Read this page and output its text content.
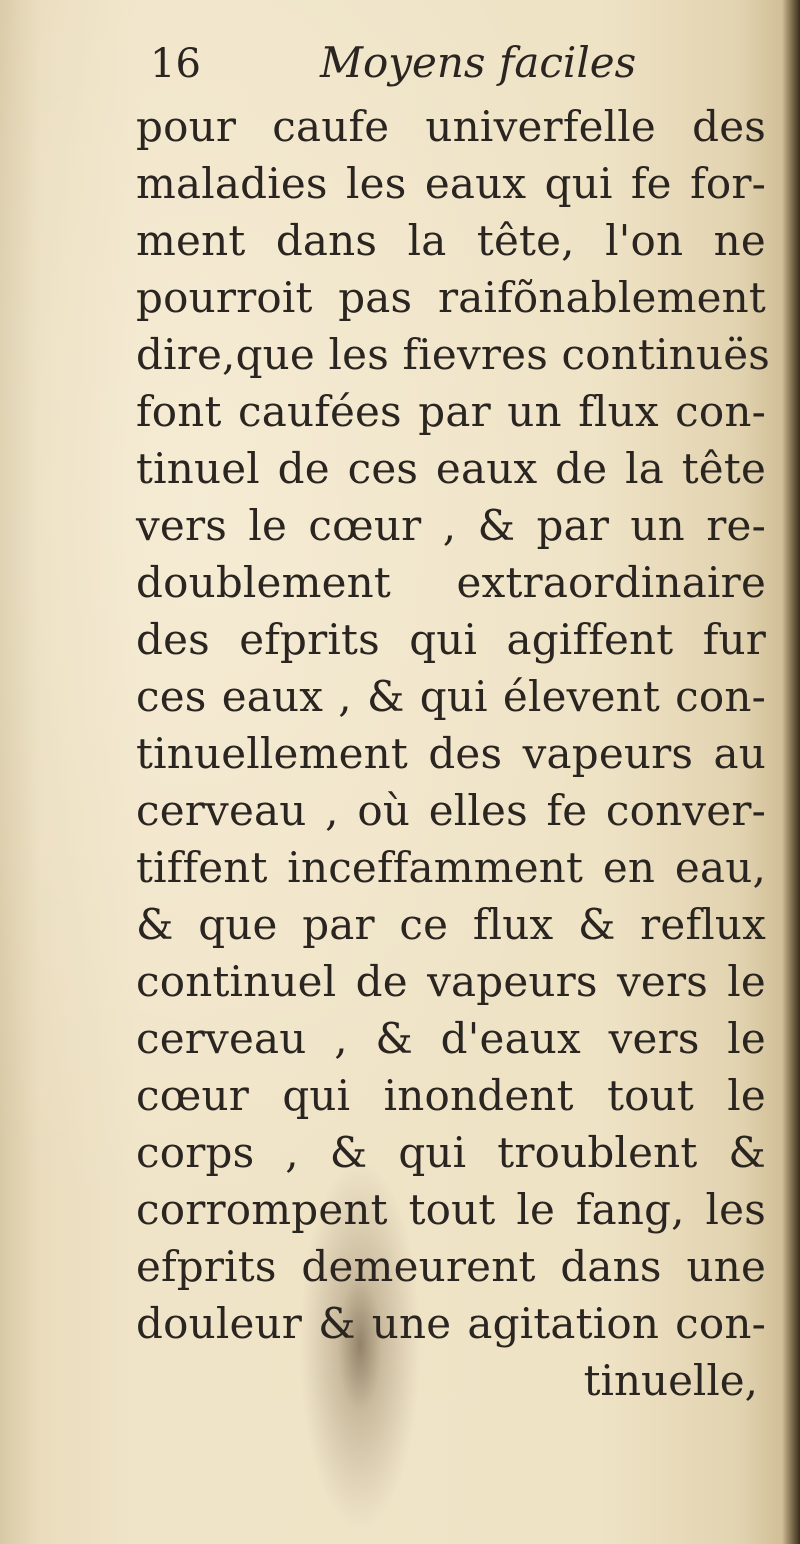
16	Moyens faciles
pour caufe univerfelle des
maladies les eaux qui fe for-
ment dans la tête, l'on ne
pourroit pas raifõnablement
dire,que les fievres continuës
font caufées par un flux con-
tinuel de ces eaux de la tête
vers le cœur , & par un re-
doublement extraordinaire
des efprits qui agiffent fur
ces eaux , & qui élevent con-
tinuellement des vapeurs au
cerveau , où elles fe conver-
tiffent inceffamment en eau,
& que par ce flux & reflux
continuel de vapeurs vers le
cerveau , & d'eaux vers le
cœur qui inondent tout le
corps , & qui troublent &
corrompent tout le fang, les
efprits demeurent dans une
douleur & une agitation con-
tinuelle,
